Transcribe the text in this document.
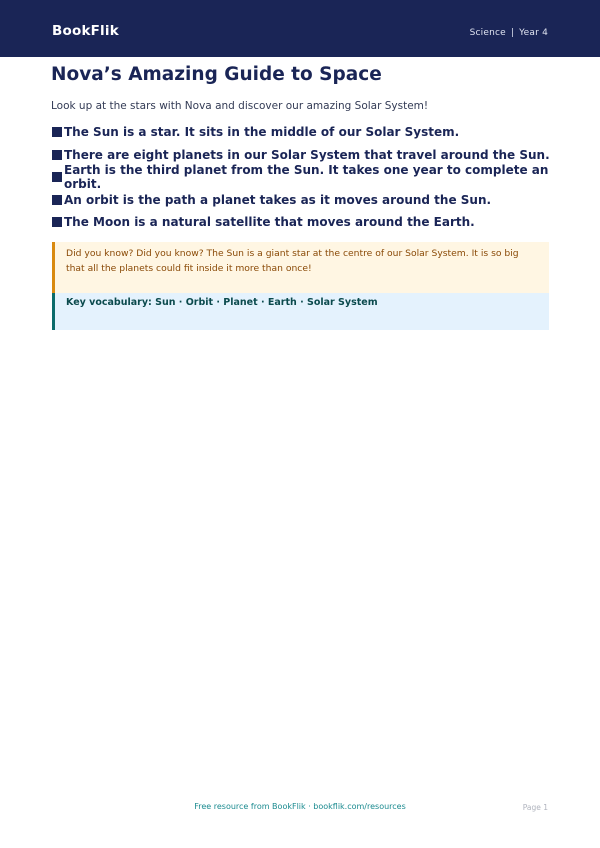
BookFlik	Science | Year 4
Nova’s Amazing Guide to Space

Look up at the stars with Nova and discover our amazing Solar System!

The Sun is a star. It sits in the middle of our Solar System.
There are eight planets in our Solar System that travel around the Sun.
Earth is the third planet from the Sun. It takes one year to complete an orbit.
An orbit is the path a planet takes as it moves around the Sun.
The Moon is a natural satellite that moves around the Earth.
Did you know? Did you know? The Sun is a giant star at the centre of our Solar System. It is so big that all the planets could fit inside it more than once!
Key vocabulary: Sun · Orbit · Planet · Earth · Solar System
Free resource from BookFlik · bookflik.com/resources	Page 1
